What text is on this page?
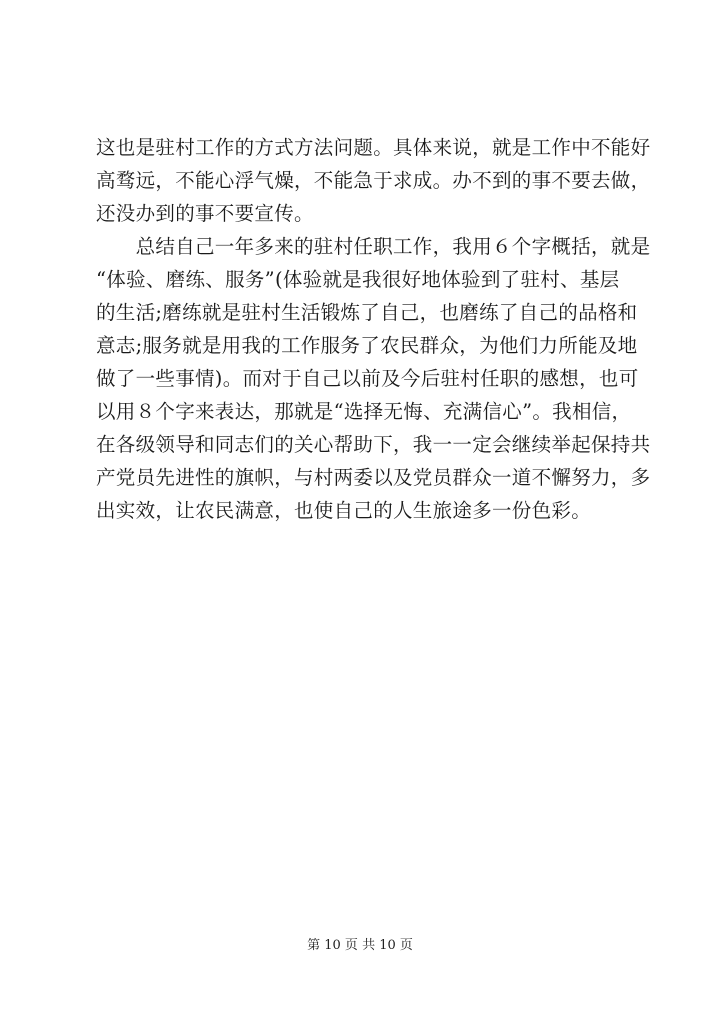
这也是驻村工作的方式方法问题。具体来说，就是工作中不能好
高骛远，不能心浮气燥，不能急于求成。办不到的事不要去做，
还没办到的事不要宣传。
　　总结自己一年多来的驻村任职工作，我用６个字概括，就是
“体验、磨练、服务”(体验就是我很好地体验到了驻村、基层
的生活;磨练就是驻村生活锻炼了自己，也磨练了自己的品格和
意志;服务就是用我的工作服务了农民群众，为他们力所能及地
做了一些事情)。而对于自己以前及今后驻村任职的感想，也可
以用８个字来表达，那就是“选择无悔、充满信心”。我相信，
在各级领导和同志们的关心帮助下，我一一定会继续举起保持共
产党员先进性的旗帜，与村两委以及党员群众一道不懈努力，多
出实效，让农民满意，也使自己的人生旅途多一份色彩。
第 10 页 共 10 页
